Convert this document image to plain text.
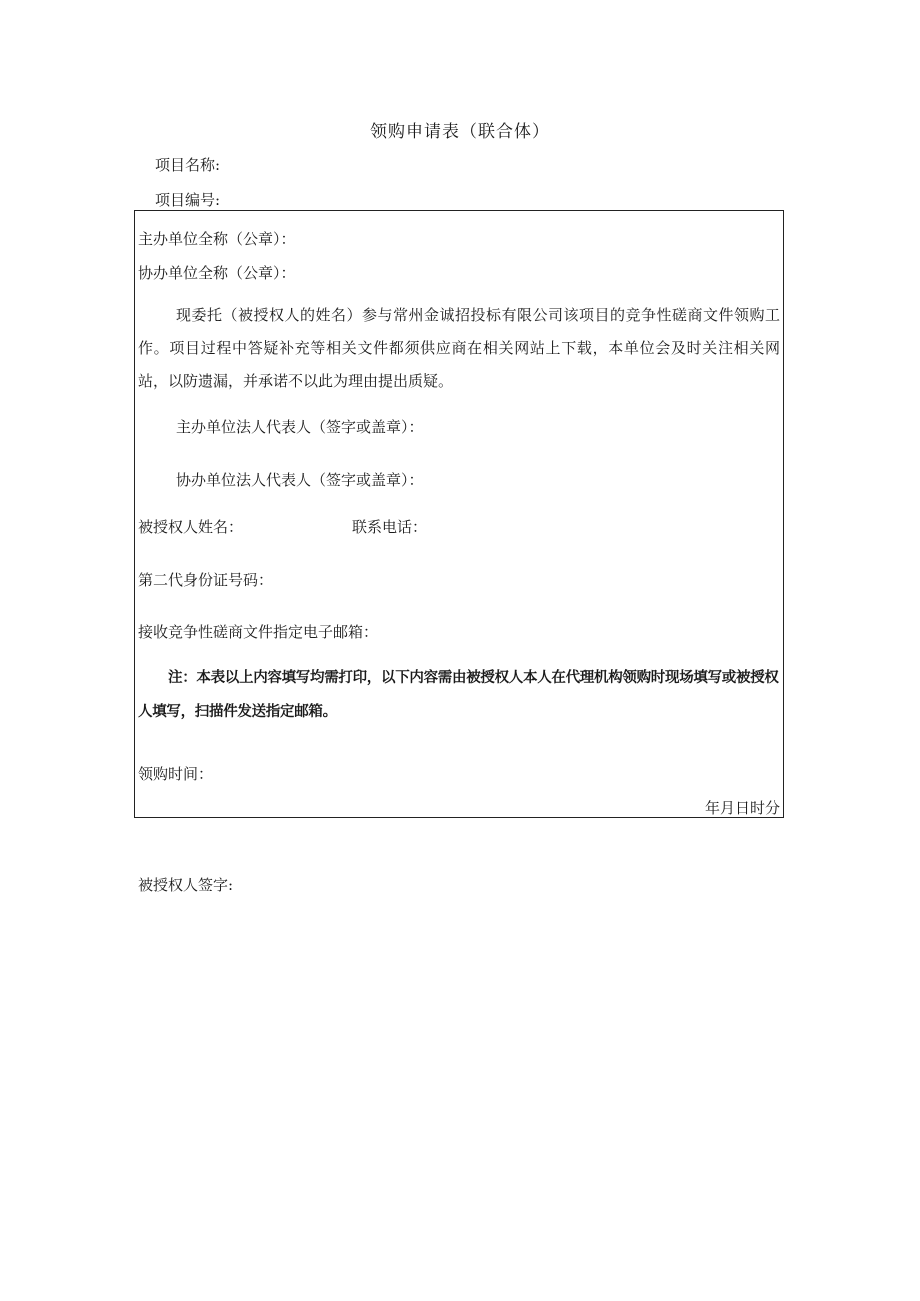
领购申请表（联合体）
项目名称:
项目编号:
主办单位全称（公章）：
协办单位全称（公章）：
现委托（被授权人的姓名）参与常州金诚招投标有限公司该项目的竞争性磋商文件领购工作。项目过程中答疑补充等相关文件都须供应商在相关网站上下载，本单位会及时关注相关网站，以防遗漏，并承诺不以此为理由提出质疑。
主办单位法人代表人（签字或盖章）：
协办单位法人代表人（签字或盖章）：
被授权人姓名：	联系电话：
第二代身份证号码：
接收竞争性磋商文件指定电子邮箱：
注：本表以上内容填写均需打印，以下内容需由被授权人本人在代理机构领购时现场填写或被授权人填写，扫描件发送指定邮箱。
领购时间：
年月日时分
被授权人签字:
